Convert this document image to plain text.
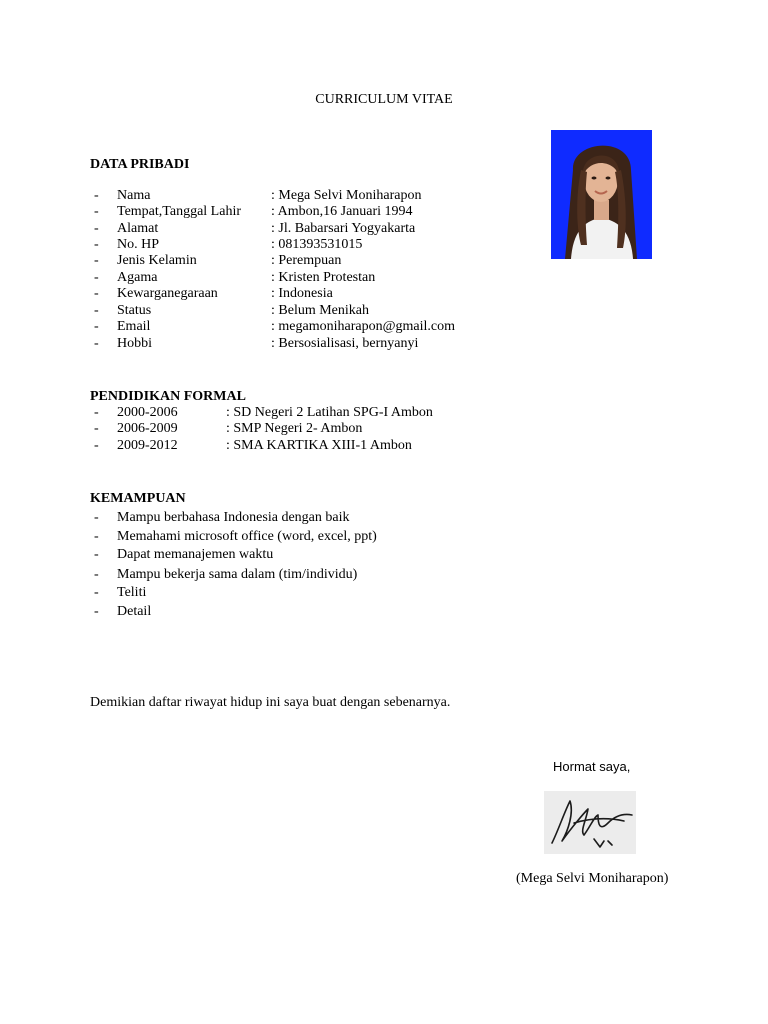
CURRICULUM VITAE
DATA PRIBADI
- Nama	: Mega Selvi Moniharapon
- Tempat,Tanggal Lahir : Ambon,16 Januari 1994
- Alamat	: Jl. Babarsari Yogyakarta
- No. HP	: 081393531015
- Jenis Kelamin	: Perempuan
- Agama	: Kristen Protestan
- Kewarganegaraan	: Indonesia
- Status	: Belum Menikah
- Email	: megamoniharapon@gmail.com
- Hobbi	: Bersosialisasi, bernyanyi
PENDIDIKAN FORMAL
- 2000-2006	: SD Negeri 2 Latihan SPG-I Ambon
- 2006-2009	: SMP Negeri 2- Ambon
- 2009-2012	: SMA KARTIKA XIII-1 Ambon
KEMAMPUAN
- Mampu berbahasa Indonesia dengan baik
- Memahami microsoft office (word, excel, ppt)
- Dapat memanajemen waktu
- Mampu bekerja sama dalam (tim/individu)
- Teliti
- Detail
Demikian daftar riwayat hidup ini saya buat dengan sebenarnya.
Hormat saya,
(Mega Selvi Moniharapon)
